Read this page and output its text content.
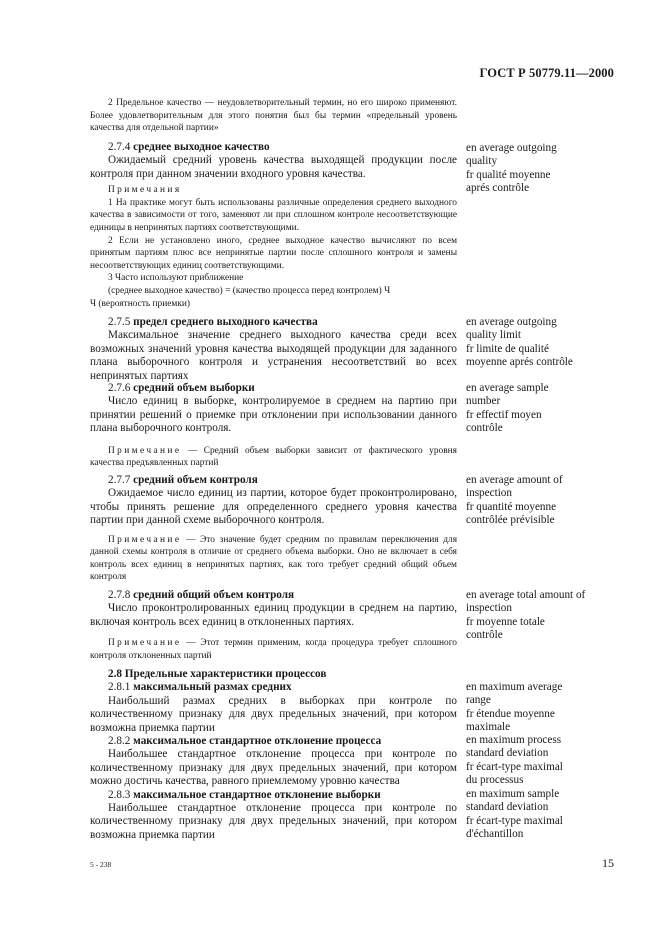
ГОСТ Р 50779.11—2000

2 Предельное качество — неудовлетворительный термин, но его широко применяют. Более удовлетворительным для этого понятия был бы термин «предельный уровень качества для отдельной партии»

2.7.4 среднее выходное качество

Ожидаемый средний уровень качества выходящей продукции после контроля при данном значении входного уровня качества.

Примечания

1 На практике могут быть использованы различные определения среднего выходного качества в зависимости от того, заменяют ли при сплошном контроле несоответствующие единицы в непринятых партиях соответствующими.

2 Если не установлено иного, среднее выходное качество вычисляют по всем принятым партиям плюс все непринятые партии после сплошного контроля и замены несоответствующих единиц соответствующими.

3 Часто используют приближение

(среднее выходное качество) = (качество процесса перед контролем) Ч

Ч (вероятность приемки)

en average outgoing
quality
fr qualité moyenne
aprés contrôle

2.7.5 предел среднего выходного качества

Максимальное значение среднего выходного качества среди всех возможных значений уровня качества выходящей продукции для заданного плана выборочного контроля и устранения несоответствий во всех непринятых партиях

en average outgoing
quality limit
fr limite de qualité
moyenne aprés contrôle

2.7.6 средний объем выборки

Число единиц в выборке, контролируемое в среднем на партию при принятии решений о приемке при отклонении при использовании данного плана выборочного контроля.

Примечание — Средний объем выборки зависит от фактического уровня качества предъявленных партий

en average sample
number
fr effectif moyen
contrôle

2.7.7 средний объем контроля

Ожидаемое число единиц из партии, которое будет проконтролировано, чтобы принять решение для определенного среднего уровня качества партии при данной схеме выборочного контроля.

Примечание — Это значение будет средним по правилам переключения для данной схемы контроля в отличие от среднего объема выборки. Оно не включает в себя контроль всех единиц в непринятых партиях, как того требует средний общий объем контроля

en average amount of
inspection
fr quantité moyenne
contrôlée prévisible

2.7.8 средний общий объем контроля

Число проконтролированных единиц продукции в среднем на партию, включая контроль всех единиц в отклоненных партиях.

Примечание — Этот термин применим, когда процедура требует сплошного контроля отклоненных партий

en average total amount of
inspection
fr moyenne totale
contrôle

2.8 Предельные характеристики процессов

2.8.1 максимальный размах средних

Наибольший размах средних в выборках при контроле по количественному признаку для двух предельных значений, при котором возможна приемка партии

2.8.2 максимальное стандартное отклонение процесса

Наибольшее стандартное отклонение процесса при контроле по количественному признаку для двух предельных значений, при котором можно достичь качества, равного приемлемому уровню качества

2.8.3 максимальное стандартное отклонение выборки

Наибольшее стандартное отклонение процесса при контроле по количественному признаку для двух предельных значений, при котором возможна приемка партии

en maximum average
range
fr étendue moyenne
maximale
en maximum process
standard deviation
fr écart-type maximal
du processus
en maximum sample
standard deviation
fr écart-type maximal
d'échantillon
5 - 238	15
